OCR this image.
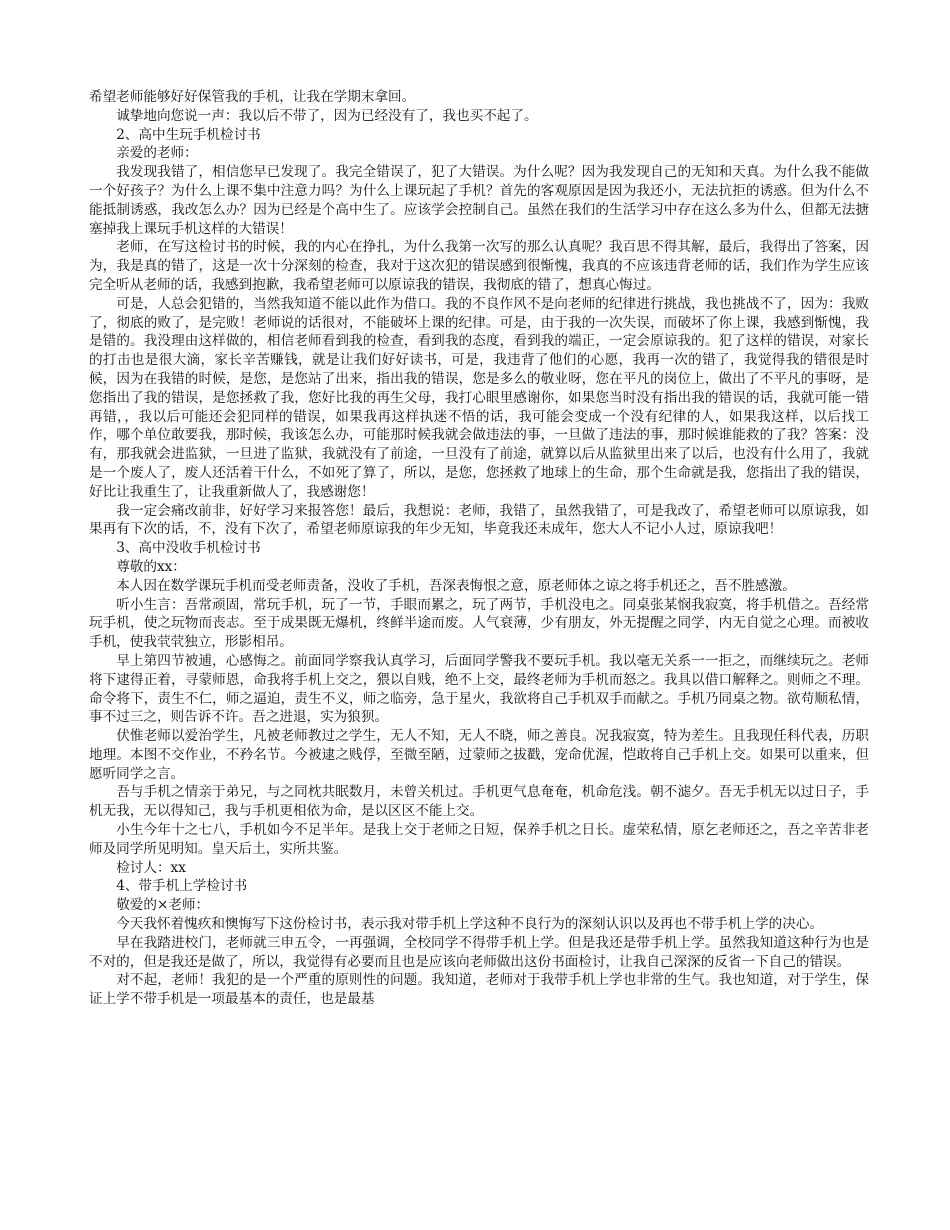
希望老师能够好好保管我的手机，让我在学期末拿回。

诚挚地向您说一声：我以后不带了，因为已经没有了，我也买不起了。

2、高中生玩手机检讨书

亲爱的老师：

我发现我错了，相信您早已发现了。我完全错误了，犯了大错误。为什么呢？因为我发现自己的无知和天真。为什么我不能做一个好孩子？为什么上课不集中注意力吗？为什么上课玩起了手机？首先的客观原因是因为我还小，无法抗拒的诱惑。但为什么不能抵制诱惑，我改怎么办？因为已经是个高中生了。应该学会控制自己。虽然在我们的生活学习中存在这么多为什么，但都无法搪塞掉我上课玩手机这样的大错误！

老师，在写这检讨书的时候，我的内心在挣扎，为什么我第一次写的那么认真呢？我百思不得其解，最后，我得出了答案，因为，我是真的错了，这是一次十分深刻的检查，我对于这次犯的错误感到很惭愧，我真的不应该违背老师的话，我们作为学生应该完全听从老师的话，我感到抱歉，我希望老师可以原谅我的错误，我彻底的错了，想真心悔过。

可是，人总会犯错的，当然我知道不能以此作为借口。我的不良作风不是向老师的纪律进行挑战，我也挑战不了，因为：我败了，彻底的败了，是完败！老师说的话很对，不能破坏上课的纪律。可是，由于我的一次失误，而破坏了你上课，我感到惭愧，我是错的。我没理由这样做的，相信老师看到我的检查，看到我的态度，看到我的端正，一定会原谅我的。犯了这样的错误，对家长的打击也是很大滴，家长辛苦赚钱，就是让我们好好读书，可是，我违背了他们的心愿，我再一次的错了，我觉得我的错很是时候，因为在我错的时候，是您，是您站了出来，指出我的错误，您是多么的敬业呀，您在平凡的岗位上，做出了不平凡的事呀，是您指出了我的错误，是您拯救了我，您好比我的再生父母，我打心眼里感谢你，如果您当时没有指出我的错误的话，我就可能一错再错，，我以后可能还会犯同样的错误，如果我再这样执迷不悟的话，我可能会变成一个没有纪律的人，如果我这样，以后找工作，哪个单位敢要我，那时候，我该怎么办，可能那时候我就会做违法的事，一旦做了违法的事，那时候谁能救的了我？答案：没有，那我就会进监狱，一旦进了监狱，我就没有了前途，一旦没有了前途，就算以后从监狱里出来了以后，也没有什么用了，我就是一个废人了，废人还活着干什么，不如死了算了，所以，是您，您拯救了地球上的生命，那个生命就是我，您指出了我的错误，好比让我重生了，让我重新做人了，我感谢您！

我一定会痛改前非，好好学习来报答您！最后，我想说：老师，我错了，虽然我错了，可是我改了，希望老师可以原谅我，如果再有下次的话，不，没有下次了，希望老师原谅我的年少无知，毕竟我还未成年，您大人不记小人过，原谅我吧！

3、高中没收手机检讨书

尊敬的xx：

本人因在数学课玩手机而受老师责备，没收了手机，吾深表悔恨之意，原老师体之谅之将手机还之，吾不胜感激。

听小生言：吾常顽固，常玩手机，玩了一节，手眼而累之，玩了两节，手机没电之。同桌张某悯我寂寞，将手机借之。吾经常玩手机，使之玩物而丧志。至于成果既无爆机，终鲜半途而废。人气衰薄，少有朋友，外无提醒之同学，内无自觉之心理。而被收手机，使我茕茕独立，形影相吊。

早上第四节被逋，心感悔之。前面同学察我认真学习，后面同学警我不要玩手机。我以毫无关系一一拒之，而继续玩之。老师将下逮得正着，寻蒙师恩，命我将手机上交之，猥以自贱，绝不上交，最终老师为手机而怒之。我具以借口解释之。则师之不理。命令将下，责生不仁，师之逼迫，责生不义，师之临旁，急于星火，我欲将自己手机双手而献之。手机乃同桌之物。欲苟顺私情，事不过三之，则告诉不许。吾之进退，实为狼狈。

伏惟老师以爱治学生，凡被老师教过之学生，无人不知，无人不晓，师之善良。况我寂寞，特为差生。且我现任科代表，历职地理。本图不交作业，不矜名节。今被逮之贱俘，至微至陋，过蒙师之拔戳，宠命优渥，恺敢将自己手机上交。如果可以重来，但愿听同学之言。

吾与手机之情亲于弟兄，与之同枕共眠数月，未曾关机过。手机更气息奄奄，机命危浅。朝不滤夕。吾无手机无以过日子，手机无我，无以得知己，我与手机更相依为命，是以区区不能上交。

小生今年十之七八，手机如今不足半年。是我上交于老师之日短，保养手机之日长。虚荣私情，原乞老师还之，吾之辛苦非老师及同学所见明知。皇天后土，实所共鉴。

检讨人：xx

4、带手机上学检讨书

敬爱的×老师：

今天我怀着愧疚和懊悔写下这份检讨书，表示我对带手机上学这种不良行为的深刻认识以及再也不带手机上学的决心。

早在我踏进校门，老师就三申五令，一再强调，全校同学不得带手机上学。但是我还是带手机上学。虽然我知道这种行为也是不对的，但是我还是做了，所以，我觉得有必要而且也是应该向老师做出这份书面检讨，让我自己深深的反省一下自己的错误。

对不起，老师！我犯的是一个严重的原则性的问题。我知道，老师对于我带手机上学也非常的生气。我也知道，对于学生，保证上学不带手机是一项最基本的责任，也是最基
